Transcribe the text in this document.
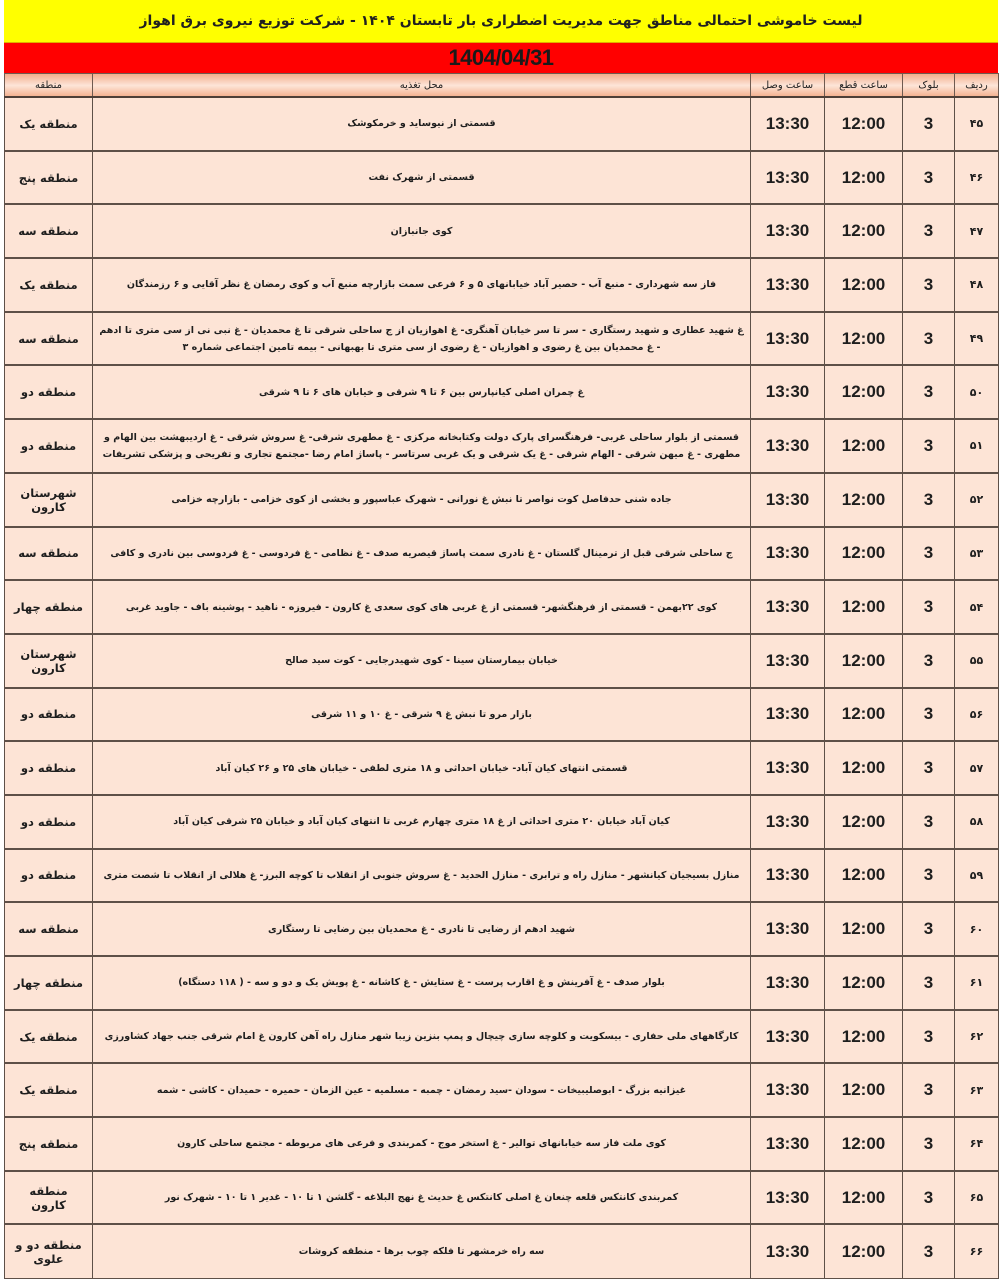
لیست خاموشی احتمالی مناطق جهت مدیریت اضطراری بار تابستان ۱۴۰۴ - شرکت توزیع نیروی برق اهواز
1404/04/31
ردیف	بلوک	ساعت قطع	ساعت وصل	محل تغذیه	منطقه
۴۵	3	12:00	13:30	قسمتی از نیوساید و خرمکوشک	منطقه یک
۴۶	3	12:00	13:30	قسمتی از شهرک نفت	منطقه پنج
۴۷	3	12:00	13:30	کوی جانبازان	منطقه سه
۴۸	3	12:00	13:30	فاز سه شهرداری - منبع آب - حصیر آباد خیابانهای ۵ و ۶ فرعی سمت بازارچه منبع آب و کوی رمضان غ نظر آقایی و ۶ رزمندگان	منطقه یک
۴۹	3	12:00	13:30	غ شهید عطاری و شهید رستگاری - سر تا سر خیابان آهنگری- غ اهوازیان از ج ساحلی شرقی تا غ محمدیان - غ نبی نی از سی متری تا ادهم - غ محمدیان بین غ رضوی و اهوازیان - غ رضوی از سی متری تا بهبهانی - بیمه تامین اجتماعی شماره ۳	منطقه سه
۵۰	3	12:00	13:30	غ چمران اصلی کیانپارس بین ۶ تا ۹ شرقی و خیابان های ۶ تا ۹ شرقی	منطقه دو
۵۱	3	12:00	13:30	قسمتی از بلوار ساحلی غربی- فرهنگسرای پارک دولت وکتابخانه مرکزی - غ مطهری شرقی- غ سروش شرقی - غ اردیبهشت بین الهام و مطهری - غ میهن شرقی - الهام شرقی - غ یک شرقی و یک غربی سرتاسر - پاساژ امام رضا -مجتمع تجاری و تفریحی و پزشکی تشریفات	منطقه دو
۵۲	3	12:00	13:30	جاده شنی حدفاصل کوت نواصر تا نبش غ نورانی - شهرک عباسپور و بخشی از کوی خزامی - بازارچه خزامی	شهرستان کارون
۵۳	3	12:00	13:30	ج ساحلی شرقی قبل از ترمینال گلستان - غ نادری سمت پاساژ قیصریه صدف - غ نظامی - غ فردوسی - غ فردوسی بین نادری و کافی	منطقه سه
۵۴	3	12:00	13:30	کوی ۲۲بهمن - قسمتی از فرهنگشهر- قسمتی از غ غربی های کوی سعدی غ کارون - فیروزه - ناهید - پوشینه باف - جاوید غربی	منطقه چهار
۵۵	3	12:00	13:30	خیابان بیمارستان سینا - کوی شهیدرجایی - کوت سید صالح	شهرستان کارون
۵۶	3	12:00	13:30	بازار مرو تا نبش غ ۹ شرقی - غ ۱۰ و ۱۱ شرقی	منطقه دو
۵۷	3	12:00	13:30	قسمتی انتهای کیان آباد- خیابان احداثی و ۱۸ متری لطفی - خیابان های ۲۵ و ۲۶ کیان آباد	منطقه دو
۵۸	3	12:00	13:30	کیان آباد خیابان ۲۰ متری احداثی از غ ۱۸ متری چهارم غربی تا انتهای کیان آباد و خیابان ۲۵ شرقی کیان آباد	منطقه دو
۵۹	3	12:00	13:30	منازل بسیجیان کیانشهر - منازل راه و ترابری - منازل الحدید - غ سروش جنوبی از انقلاب تا کوچه البرز- غ هلالی از انقلاب تا شصت متری	منطقه دو
۶۰	3	12:00	13:30	شهید ادهم از رضایی تا نادری - غ محمدیان بین رضایی تا رستگاری	منطقه سه
۶۱	3	12:00	13:30	بلوار صدف - غ آفرینش و غ اقارب پرست - غ ستایش - غ کاشانه - غ پویش یک و دو و سه - ( ۱۱۸ دستگاه)	منطقه چهار
۶۲	3	12:00	13:30	کارگاههای ملی حفاری - بیسکویت و کلوچه سازی چیچال و پمپ بنزین زیبا شهر منازل راه آهن کارون غ امام شرقی جنب جهاد کشاورزی	منطقه یک
۶۳	3	12:00	13:30	غیزانیه بزرگ - ابوصلیبیخات - سودان -سید رمضان - چمبه - مسلمیه - عین الزمان - حمیره - حمیدان - کاشی - شمه	منطقه یک
۶۴	3	12:00	13:30	کوی ملت فاز سه خیابانهای توالیر - غ استخر موج - کمربندی و فرعی های مربوطه - مجتمع ساحلی کارون	منطقه پنج
۶۵	3	12:00	13:30	کمربندی کانتکس قلعه چنعان غ اصلی کانتکس غ حدیث غ نهج البلاغه - گلشن ۱ تا ۱۰ - غدیر ۱ تا ۱۰ - شهرک نور	منطقه کارون
۶۶	3	12:00	13:30	سه راه خرمشهر تا فلکه چوب برها - منطقه کروشات	منطقه دو و علوی
